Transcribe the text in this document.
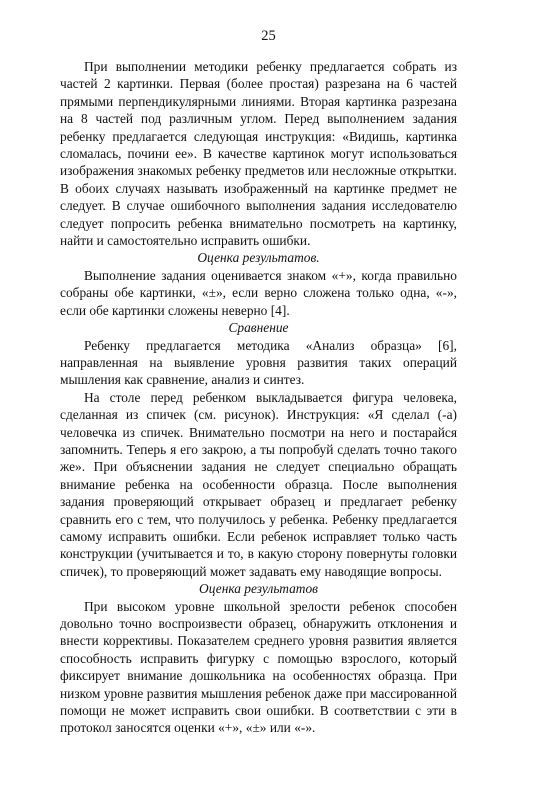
25

При выполнении методики ребенку предлагается собрать из частей 2 картинки. Первая (более простая) разрезана на 6 частей прямыми перпендикулярными линиями. Вторая картинка разрезана на 8 частей под различным углом. Перед выполнением задания ребенку предлагается следующая инструкция: «Видишь, картинка сломалась, почини ее». В качестве картинок могут использоваться изображения знакомых ребенку предметов или несложные открытки. В обоих случаях называть изображенный на картинке предмет не следует. В случае ошибочного выполнения задания исследователю следует попросить ребенка внимательно посмотреть на картинку, найти и самостоятельно исправить ошибки.

Оценка результатов.

Выполнение задания оценивается знаком «+», когда правильно собраны обе картинки, «±», если верно сложена только одна, «-», если обе картинки сложены неверно [4].

Сравнение

Ребенку предлагается методика «Анализ образца» [6], направленная на выявление уровня развития таких операций мышления как сравнение, анализ и синтез.

На столе перед ребенком выкладывается фигура человека, сделанная из спичек (см. рисунок). Инструкция: «Я сделал (-а) человечка из спичек. Внимательно посмотри на него и постарайся запомнить. Теперь я его закрою, а ты попробуй сделать точно такого же». При объяснении задания не следует специально обращать внимание ребенка на особенности образца. После выполнения задания проверяющий открывает образец и предлагает ребенку сравнить его с тем, что получилось у ребенка. Ребенку предлагается самому исправить ошибки. Если ребенок исправляет только часть конструкции (учитывается и то, в какую сторону повернуты головки спичек), то проверяющий может задавать ему наводящие вопросы.

Оценка результатов

При высоком уровне школьной зрелости ребенок способен довольно точно воспроизвести образец, обнаружить отклонения и внести коррективы. Показателем среднего уровня развития является способность исправить фигурку с помощью взрослого, который фиксирует внимание дошкольника на особенностях образца. При низком уровне развития мышления ребенок даже при массированной помощи не может исправить свои ошибки. В соответствии с эти в протокол заносятся оценки «+», «±» или «-».
